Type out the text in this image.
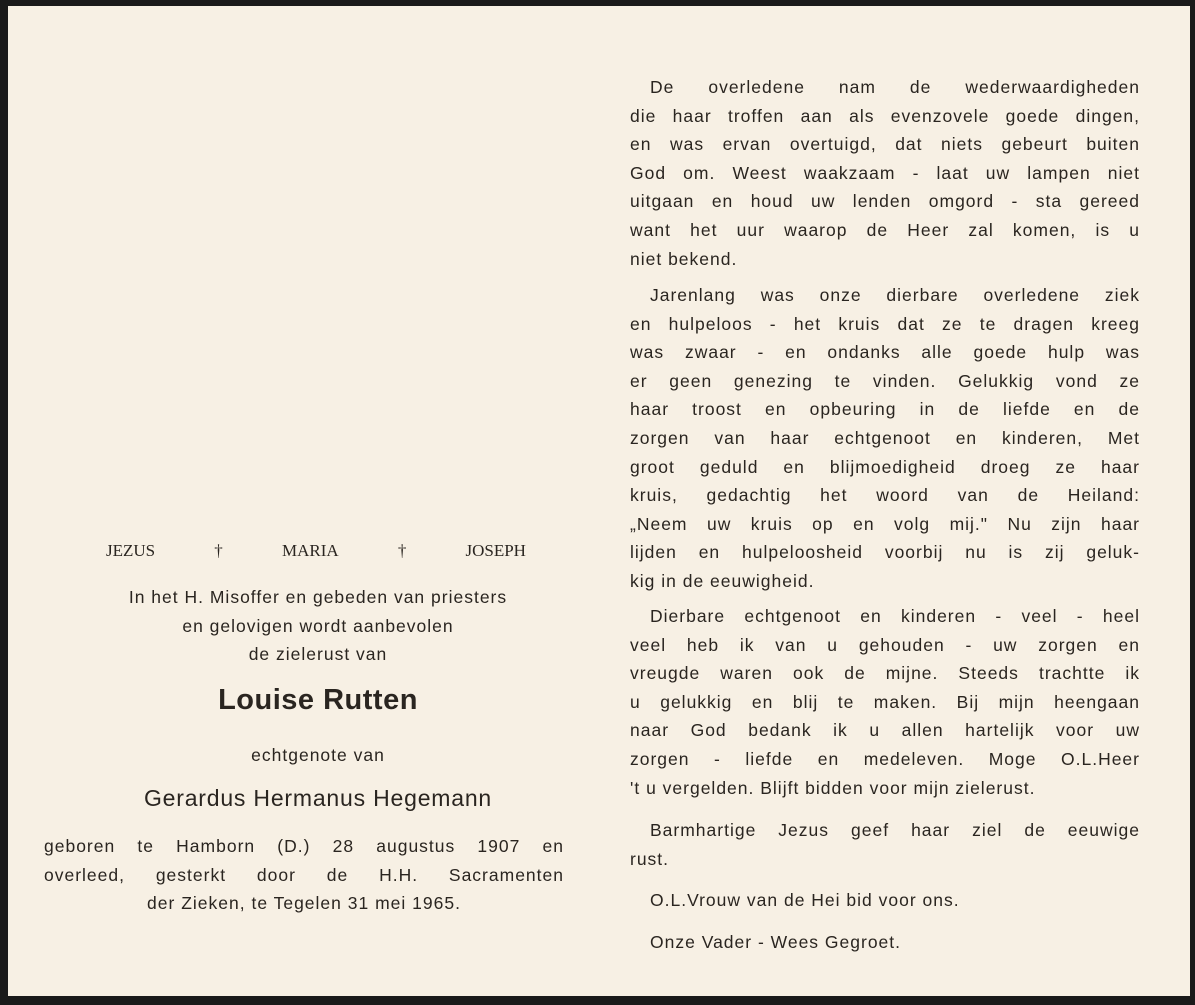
JEZUS	†	MARIA	†	JOSEPH
In het H. Misoffer en gebeden van priesters
en gelovigen wordt aanbevolen
de zielerust van
Louise Rutten
echtgenote van
Gerardus Hermanus Hegemann
geboren te Hamborn (D.) 28 augustus 1907 en
overleed, gesterkt door de H.H. Sacramenten
der Zieken, te Tegelen 31 mei 1965.
De overledene nam de wederwaardigheden
die haar troffen aan als evenzovele goede dingen,
en was ervan overtuigd, dat niets gebeurt buiten
God om. Weest waakzaam - laat uw lampen niet
uitgaan en houd uw lenden omgord - sta gereed
want het uur waarop de Heer zal komen, is u
niet bekend.
Jarenlang was onze dierbare overledene ziek
en hulpeloos - het kruis dat ze te dragen kreeg
was zwaar - en ondanks alle goede hulp was
er geen genezing te vinden. Gelukkig vond ze
haar troost en opbeuring in de liefde en de
zorgen van haar echtgenoot en kinderen, Met
groot geduld en blijmoedigheid droeg ze haar
kruis, gedachtig het woord van de Heiland:
„Neem uw kruis op en volg mij." Nu zijn haar
lijden en hulpeloosheid voorbij nu is zij geluk-
kig in de eeuwigheid.
Dierbare echtgenoot en kinderen - veel - heel
veel heb ik van u gehouden - uw zorgen en
vreugde waren ook de mijne. Steeds trachtte ik
u gelukkig en blij te maken. Bij mijn heengaan
naar God bedank ik u allen hartelijk voor uw
zorgen - liefde en medeleven. Moge O.L.Heer
't u vergelden. Blijft bidden voor mijn zielerust.
Barmhartige Jezus geef haar ziel de eeuwige
rust.
O.L.Vrouw van de Hei bid voor ons.
Onze Vader - Wees Gegroet.
